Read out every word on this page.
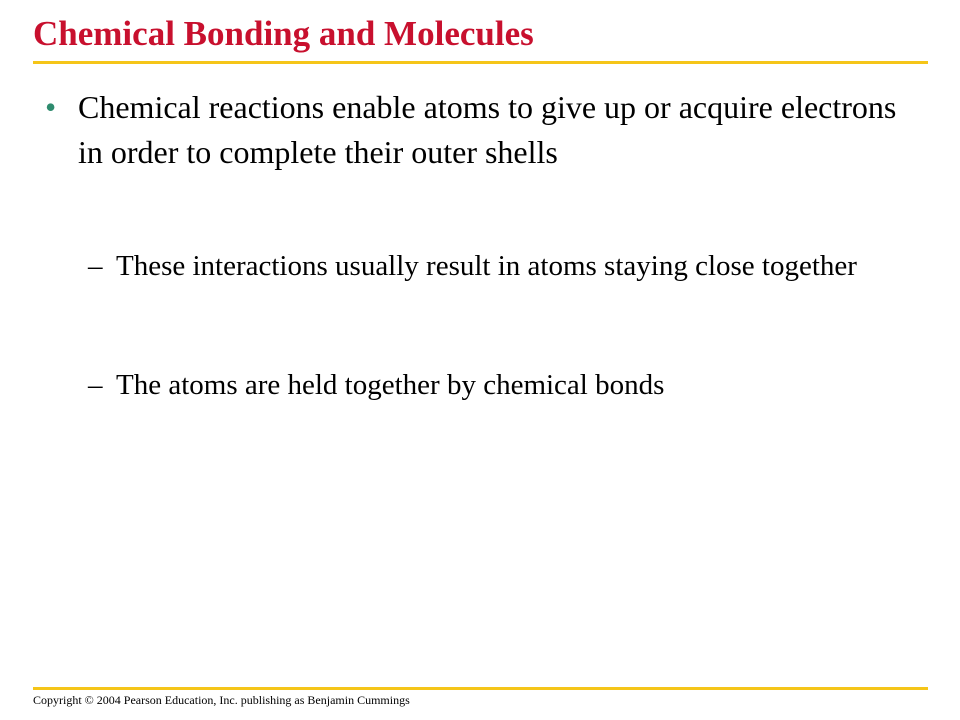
Chemical Bonding and Molecules
• Chemical reactions enable atoms to give up or acquire electrons in order to complete their outer shells
– These interactions usually result in atoms staying close together
– The atoms are held together by chemical bonds
Copyright © 2004 Pearson Education, Inc. publishing as Benjamin Cummings
